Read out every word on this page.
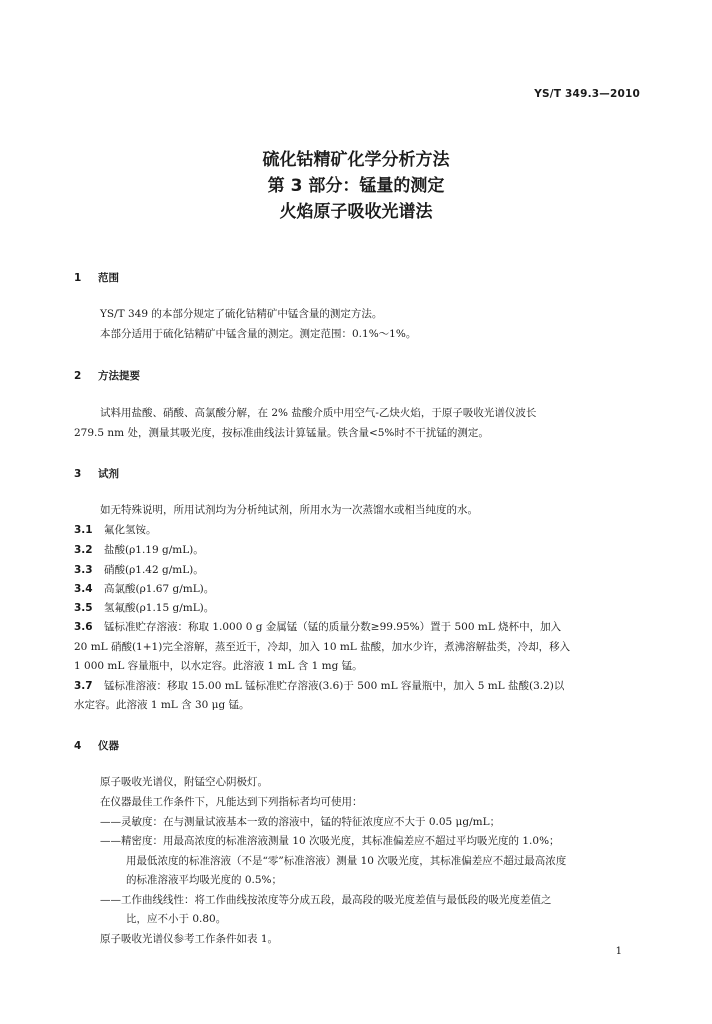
YS/T 349.3—2010
硫化钴精矿化学分析方法
第 3 部分：锰量的测定
火焰原子吸收光谱法
1 范围
YS/T 349 的本部分规定了硫化钴精矿中锰含量的测定方法。
本部分适用于硫化钴精矿中锰含量的测定。测定范围：0.1%～1%。
2 方法提要
试料用盐酸、硝酸、高氯酸分解，在 2% 盐酸介质中用空气-乙炔火焰，于原子吸收光谱仪波长
279.5 nm 处，测量其吸光度，按标准曲线法计算锰量。铁含量<5%时不干扰锰的测定。
3 试剂
如无特殊说明，所用试剂均为分析纯试剂，所用水为一次蒸馏水或相当纯度的水。
3.1 氟化氢铵。
3.2 盐酸(ρ1.19 g/mL)。
3.3 硝酸(ρ1.42 g/mL)。
3.4 高氯酸(ρ1.67 g/mL)。
3.5 氢氟酸(ρ1.15 g/mL)。
3.6 锰标准贮存溶液：称取 1.000 0 g 金属锰（锰的质量分数≥99.95%）置于 500 mL 烧杯中，加入
20 mL 硝酸(1+1)完全溶解，蒸至近干，冷却，加入 10 mL 盐酸，加水少许，煮沸溶解盐类，冷却，移入
1 000 mL 容量瓶中，以水定容。此溶液 1 mL 含 1 mg 锰。
3.7 锰标准溶液：移取 15.00 mL 锰标准贮存溶液(3.6)于 500 mL 容量瓶中，加入 5 mL 盐酸(3.2)以
水定容。此溶液 1 mL 含 30 μg 锰。
4 仪器
原子吸收光谱仪，附锰空心阴极灯。
在仪器最佳工作条件下，凡能达到下列指标者均可使用：
——灵敏度：在与测量试液基本一致的溶液中，锰的特征浓度应不大于 0.05 μg/mL；
——精密度：用最高浓度的标准溶液测量 10 次吸光度，其标准偏差应不超过平均吸光度的 1.0%；
用最低浓度的标准溶液（不是“零”标准溶液）测量 10 次吸光度，其标准偏差应不超过最高浓度
的标准溶液平均吸光度的 0.5%；
——工作曲线线性：将工作曲线按浓度等分成五段，最高段的吸光度差值与最低段的吸光度差值之
比，应不小于 0.80。
原子吸收光谱仪参考工作条件如表 1。
1
